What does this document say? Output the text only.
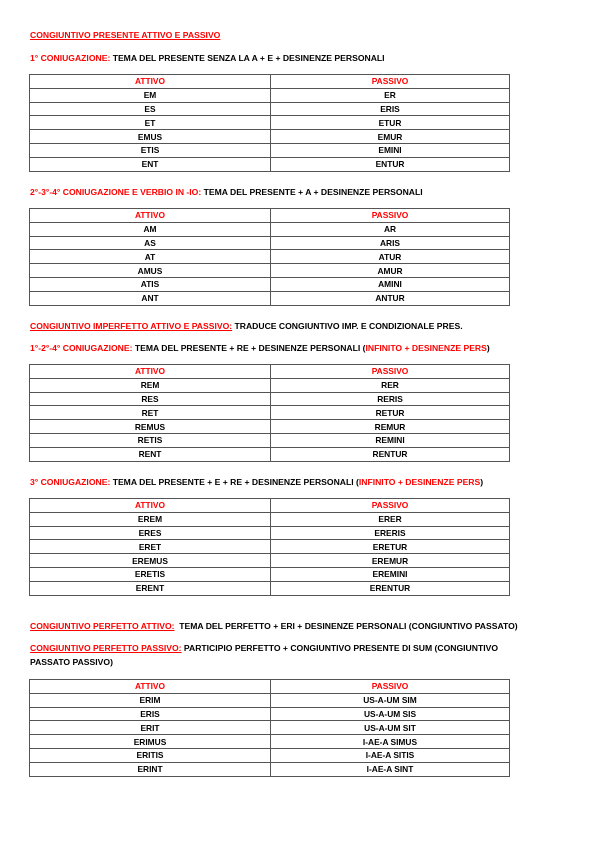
CONGIUNTIVO PRESENTE ATTIVO E PASSIVO
1° CONIUGAZIONE: TEMA DEL PRESENTE SENZA LA A + E + DESINENZE PERSONALI
ATTIVO	PASSIVO
EM	ER
ES	ERIS
ET	ETUR
EMUS	EMUR
ETIS	EMINI
ENT	ENTUR
2°-3°-4° CONIUGAZIONE E VERBIO IN -IO: TEMA DEL PRESENTE + A + DESINENZE PERSONALI
ATTIVO	PASSIVO
AM	AR
AS	ARIS
AT	ATUR
AMUS	AMUR
ATIS	AMINI
ANT	ANTUR
CONGIUNTIVO IMPERFETTO ATTIVO E PASSIVO: TRADUCE CONGIUNTIVO IMP. E CONDIZIONALE PRES.
1°-2°-4° CONIUGAZIONE: TEMA DEL PRESENTE + RE + DESINENZE PERSONALI (INFINITO + DESINENZE PERS)
ATTIVO	PASSIVO
REM	RER
RES	RERIS
RET	RETUR
REMUS	REMUR
RETIS	REMINI
RENT	RENTUR
3° CONIUGAZIONE: TEMA DEL PRESENTE + E + RE + DESINENZE PERSONALI (INFINITO + DESINENZE PERS)
ATTIVO	PASSIVO
EREM	ERER
ERES	ERERIS
ERET	ERETUR
EREMUS	EREMUR
ERETIS	EREMINI
ERENT	ERENTUR
CONGIUNTIVO PERFETTO ATTIVO:  TEMA DEL PERFETTO + ERI + DESINENZE PERSONALI (CONGIUNTIVO PASSATO)
CONGIUNTIVO PERFETTO PASSIVO: PARTICIPIO PERFETTO + CONGIUNTIVO PRESENTE DI SUM (CONGIUNTIVO
PASSATO PASSIVO)
ATTIVO	PASSIVO
ERIM	US-A-UM SIM
ERIS	US-A-UM SIS
ERIT	US-A-UM SIT
ERIMUS	I-AE-A SIMUS
ERITIS	I-AE-A SITIS
ERINT	I-AE-A SINT
